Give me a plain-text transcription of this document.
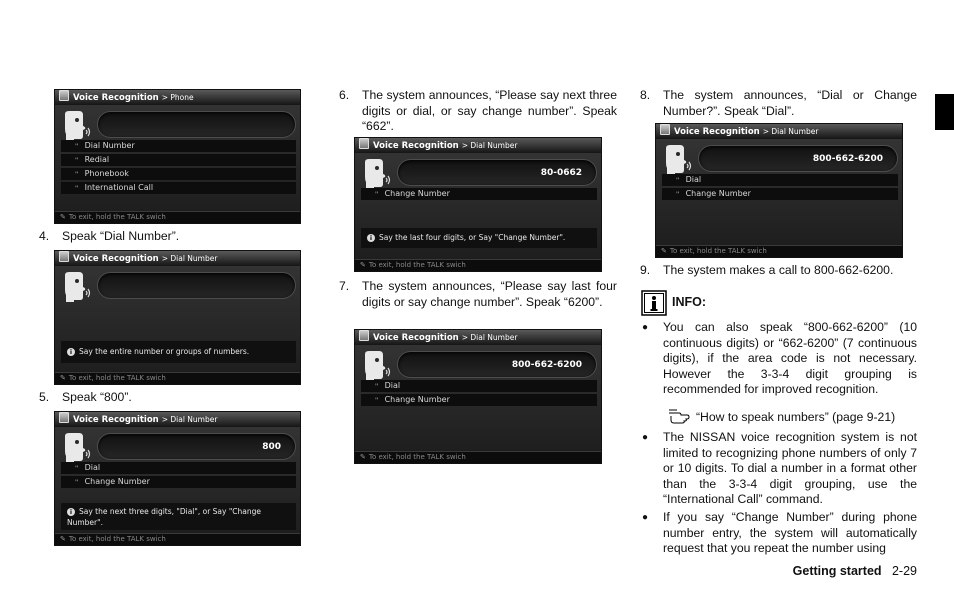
Voice Recognition > Phone
'' Dial Number
'' Redial
'' Phonebook
'' International Call
✎ To exit, hold the TALK swich
4.	Speak “Dial Number”.
Voice Recognition > Dial Number
i Say the entire number or groups of numbers.
✎ To exit, hold the TALK swich
5.	Speak “800”.
Voice Recognition > Dial Number
800
'' Dial
'' Change Number
i Say the next three digits, "Dial", or Say "Change Number".
✎ To exit, hold the TALK swich
6.	The system announces, “Please say next three digits or dial, or say change number”. Speak “662”.
Voice Recognition > Dial Number
80-0662
'' Change Number
i Say the last four digits, or Say "Change Number".
✎ To exit, hold the TALK swich
7.	The system announces, “Please say last four digits or say change number”. Speak “6200”.
Voice Recognition > Dial Number
800-662-6200
'' Dial
'' Change Number
✎ To exit, hold the TALK swich
8.	The system announces, “Dial or Change Number?”. Speak “Dial”.
Voice Recognition > Dial Number
800-662-6200
'' Dial
'' Change Number
✎ To exit, hold the TALK swich
9.	The system makes a call to 800-662-6200.
INFO:
●	You can also speak “800-662-6200” (10 continuous digits) or “662-6200” (7 continuous digits), if the area code is not necessary. However the 3-3-4 digit grouping is recommended for improved recognition.
“How to speak numbers” (page 9-21)
●	The NISSAN voice recognition system is not limited to recognizing phone numbers of only 7 or 10 digits. To dial a number in a format other than the 3-3-4 digit grouping, use the “International Call” command.
●	If you say “Change Number” during phone number entry, the system will automatically request that you repeat the number using
Getting started 2-29
